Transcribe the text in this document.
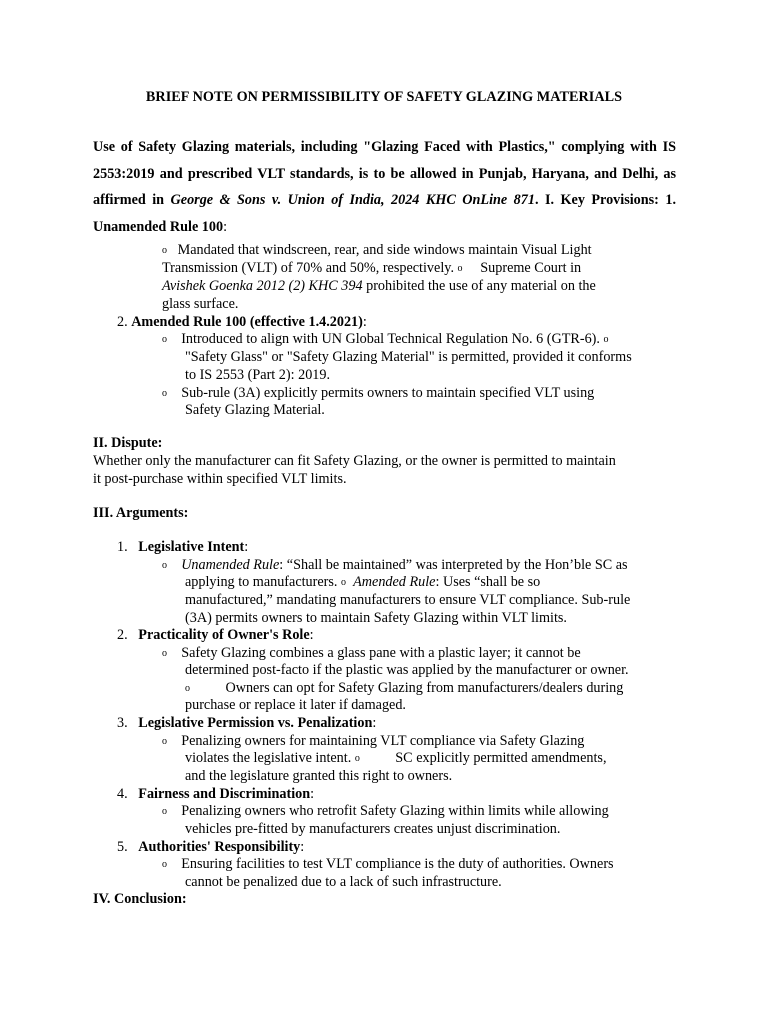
BRIEF NOTE ON PERMISSIBILITY OF SAFETY GLAZING MATERIALS
Use of Safety Glazing materials, including "Glazing Faced with Plastics," complying with IS 2553:2019 and prescribed VLT standards, is to be allowed in Punjab, Haryana, and Delhi, as affirmed in George & Sons v. Union of India, 2024 KHC OnLine 871. I. Key Provisions: 1. Unamended Rule 100:
o Mandated that windscreen, rear, and side windows maintain Visual Light
Transmission (VLT) of 70% and 50%, respectively. o Supreme Court in
Avishek Goenka 2012 (2) KHC 394 prohibited the use of any material on the
glass surface.
2. Amended Rule 100 (effective 1.4.2021):
o Introduced to align with UN Global Technical Regulation No. 6 (GTR-6). o
"Safety Glass" or "Safety Glazing Material" is permitted, provided it conforms
to IS 2553 (Part 2): 2019.
o Sub-rule (3A) explicitly permits owners to maintain specified VLT using
Safety Glazing Material.
II. Dispute:
Whether only the manufacturer can fit Safety Glazing, or the owner is permitted to maintain
it post-purchase within specified VLT limits.
III. Arguments:
1. Legislative Intent:
o Unamended Rule: “Shall be maintained” was interpreted by the Hon’ble SC as
applying to manufacturers. o Amended Rule: Uses “shall be so
manufactured,” mandating manufacturers to ensure VLT compliance. Sub-rule
(3A) permits owners to maintain Safety Glazing within VLT limits.
2. Practicality of Owner's Role:
o Safety Glazing combines a glass pane with a plastic layer; it cannot be
determined post-facto if the plastic was applied by the manufacturer or owner.
o Owners can opt for Safety Glazing from manufacturers/dealers during
purchase or replace it later if damaged.
3. Legislative Permission vs. Penalization:
o Penalizing owners for maintaining VLT compliance via Safety Glazing
violates the legislative intent. o SC explicitly permitted amendments,
and the legislature granted this right to owners.
4. Fairness and Discrimination:
o Penalizing owners who retrofit Safety Glazing within limits while allowing
vehicles pre-fitted by manufacturers creates unjust discrimination.
5. Authorities' Responsibility:
o Ensuring facilities to test VLT compliance is the duty of authorities. Owners
cannot be penalized due to a lack of such infrastructure.
IV. Conclusion:
